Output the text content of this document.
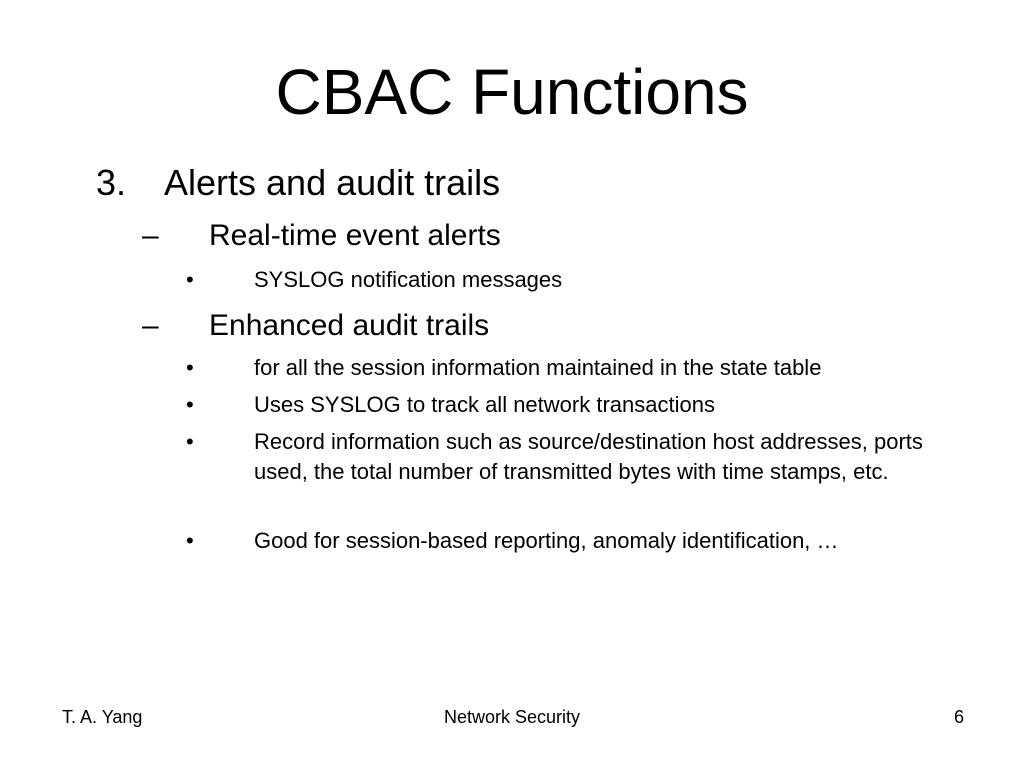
CBAC Functions
3. Alerts and audit trails
– Real-time event alerts
•	SYSLOG notification messages
– Enhanced audit trails
•	for all the session information maintained in the state table
•	Uses SYSLOG to track all network transactions
•	Record information such as source/destination host addresses, ports used, the total number of transmitted bytes with time stamps, etc.
•	Good for session-based reporting, anomaly identification, …
T. A. Yang	Network Security	6
